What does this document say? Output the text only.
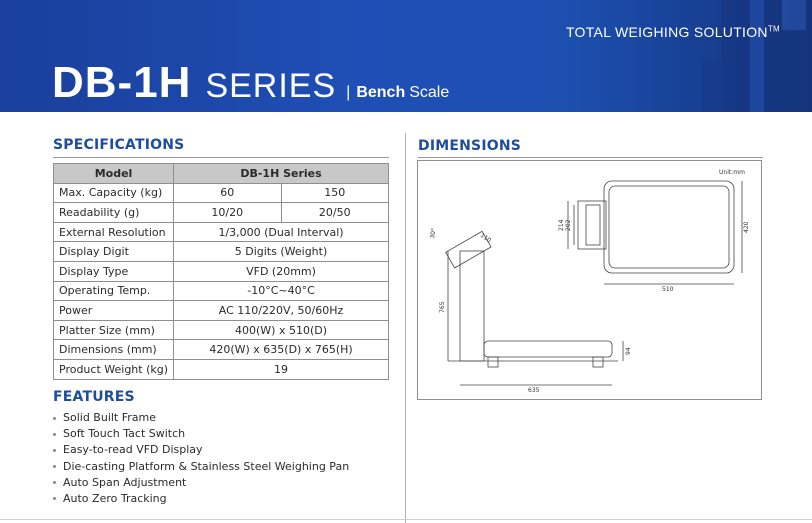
TOTAL WEIGHING SOLUTION™
DB-1H SERIES | Bench Scale
SPECIFICATIONS
Model	DB-1H Series	
Max. Capacity (kg)	60	150
Readability (g)	10/20	20/50
External Resolution	1/3,000 (Dual Interval)	
Display Digit	5 Digits (Weight)	
Display Type	VFD (20mm)	
Operating Temp.	-10°C~40°C	
Power	AC 110/220V, 50/60Hz	
Platter Size (mm)	400(W) x 510(D)	
Dimensions (mm)	420(W) x 635(D) x 765(H)	
Product Weight (kg)	19	
FEATURES
Solid Built Frame
Soft Touch Tact Switch
Easy-to-read VFD Display
Die-casting Platform & Stainless Steel Weighing Pan
Auto Span Adjustment
Auto Zero Tracking
DIMENSIONS
Unit:mm
214 202	420
510
30°	110
765
94
635
